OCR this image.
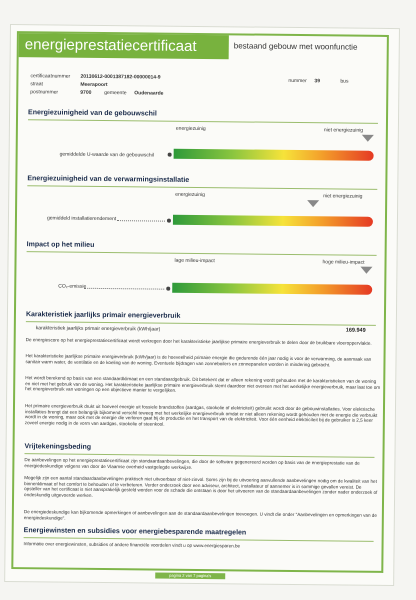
energieprestatiecertificaat	bestaand gebouw met woonfunctie
certificaatnummer 20130612-0001387182-00000014-9
straat	Meerapoort
nummer 39	bus
postnummer	9700	gemeente Oudenaarde
Energiezuinigheid van de gebouwschil
energiezuinig	niet energiezuinig
gemiddelde U-waarde van de gebouwschil
Energiezuinigheid van de verwarmingsinstallatie
energiezuinig	niet energiezuinig
gemiddeld installatierendement
Impact op het milieu
lage milieu-impact	hoge milieu-impact
CO₂-emissie
Karakteristiek jaarlijks primair energieverbruik
karakteristiek jaarlijks primair energieverbruik (kWh/jaar)	169.949
De energiescore op het energieprestatiecertificaat wordt verkregen door het karakteristieke jaarlijkse primaire energieverbruik te delen door de bruikbare vloeroppervlakte.
Het karakteristieke jaarlijkse primaire energieverbruik (kWh/jaar) is de hoeveelheid primaire energie die gedurende één jaar nodig is voor de verwarming, de aanmaak van sanitair warm water, de ventilatie en de koeling van de woning. Eventuele bijdragen van zonneboilers en zonnepanelen worden in mindering gebracht.
Het wordt berekend op basis van een standaardklimaat en een standaardgebruik. Dit betekent dat er alleen rekening wordt gehouden met de karakteristieken van de woning en niet met het gebruik van de woning. Het karakteristieke jaarlijkse primaire energieverbruik stemt daardoor niet overeen met het werkelijke energieverbruik, maar laat toe om het energieverbruik van woningen op een objectieve manier te vergelijken.
Het primaire energieverbruik drukt uit hoeveel energie uit fossiele brandstoffen (aardgas, stookolie of elektriciteit) gebruikt wordt door de gebouwinstallaties. Voor elektrische installaties brengt dat een belangrijk bijkomend verschil teweeg met het werkelijke energieverbruik omdat er niet alleen rekening wordt gehouden met de energie die verbruikt wordt in de woning, maar ook met de energie die verloren gaat bij de productie en het transport van de elektriciteit. Voor één eenheid elektriciteit bij de gebruiker is 2,5 keer zoveel energie nodig in de vorm van aardgas, stookolie of steenkool.
Vrijtekeningsbeding
De aanbevelingen op het energieprestatiecertificaat zijn standaardaanbevelingen, die door de software gegenereerd worden op basis van de energieprestatie van de energiedeskundige volgens van door de Vlaamse overheid vastgelegde werkwijze.
Mogelijk zijn een aantal standaardaanbevelingen praktisch niet uitvoerbaar of niet-zinvol. Soms zijn bij de uitvoering aanvullende aanbevelingen nodig om de kwaliteit van het binnenklimaat of het comfort te behouden of te verbeteren. Verder onderzoek door een adviseur, architect, installateur of aannemer is in sommige gevallen vereist. De opsteller van het certificaat is niet aansprakelijk gesteld worden voor de schade die ontstaan is door het uitvoeren van de standaardaanbevelingen zonder nader onderzoek of ondeskundig uitgevoerde werken.
De energiedeskundige kan bijkomende opmerkingen of aanbevelingen aan de standaardaanbevelingen toevoegen. U vindt die onder "Aanbevelingen en opmerkingen van de energiedeskundige".
Energiewinsten en subsidies voor energiebesparende maatregelen
Informatie over energiewinsten, subsidies of andere financiële voordelen vindt u op www.energiesparen.be
pagina 2 van 7 pagina's
